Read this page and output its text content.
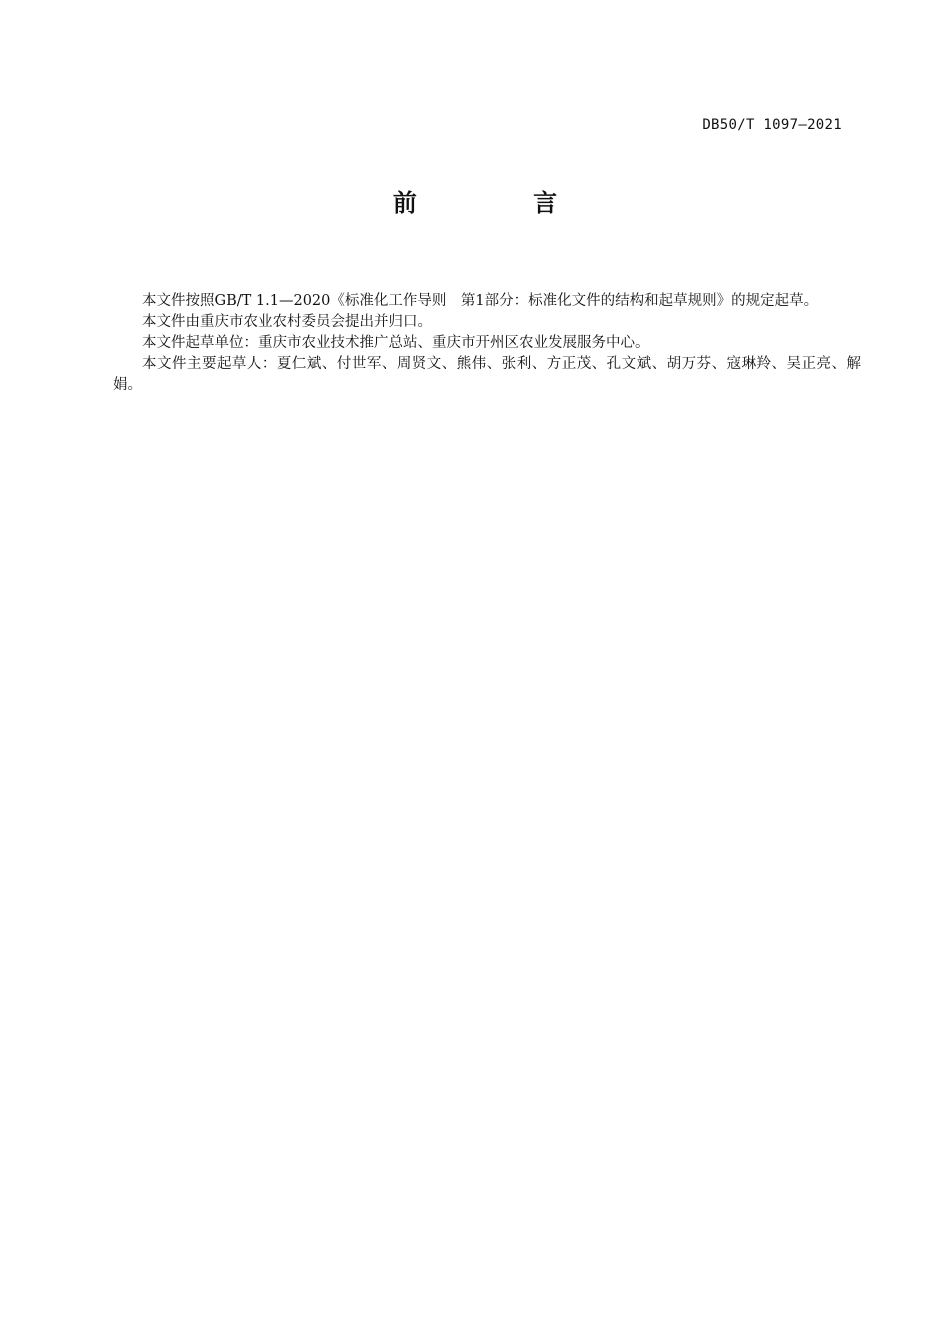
DB50/T 1097—2021
前 言

本文件按照GB/T 1.1—2020《标准化工作导则　第1部分：标准化文件的结构和起草规则》的规定起草。

本文件由重庆市农业农村委员会提出并归口。

本文件起草单位：重庆市农业技术推广总站、重庆市开州区农业发展服务中心。

本文件主要起草人：夏仁斌、付世军、周贤文、熊伟、张利、方正茂、孔文斌、胡万芬、寇琳羚、吴正亮、解娟。
